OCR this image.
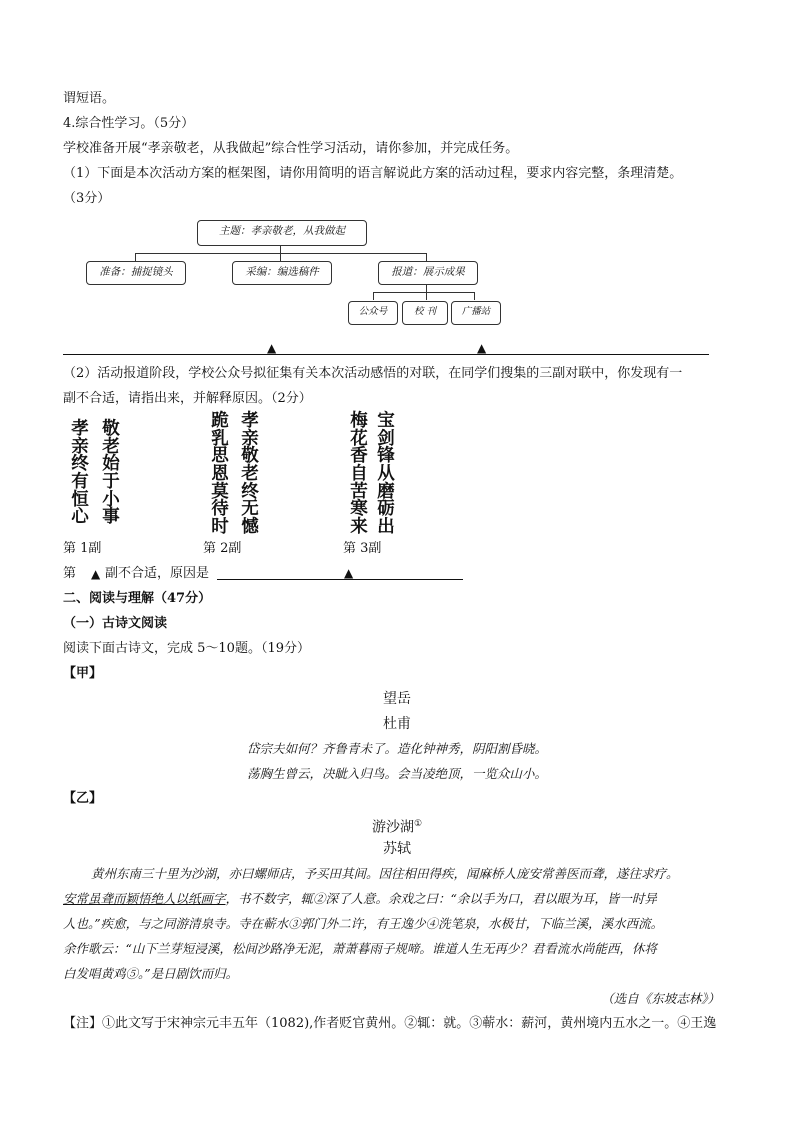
谓短语。
4.综合性学习。（5分）
学校准备开展“孝亲敬老，从我做起”综合性学习活动，请你参加，并完成任务。
（1）下面是本次活动方案的框架图，请你用简明的语言解说此方案的活动过程，要求内容完整，条理清楚。
（3分）
主题：孝亲敬老，从我做起
准备：捕捉镜头	采编：编选稿件	报道：展示成果
公众号	校 刊	广播站
▲	▲
（2）活动报道阶段，学校公众号拟征集有关本次活动感悟的对联，在同学们搜集的三副对联中，你发现有一
副不合适，请指出来，并解释原因。（2分）
孝
亲
终
有
恒
心
敬
老
始
于
小
事
第 1副
跪
乳
思
恩
莫
待
时
孝
亲
敬
老
终
无
憾
第 2副
梅
花
香
自
苦
寒
来
宝
剑
锋
从
磨
砺
出
第 3副
第 ▲ 副不合适，原因是	▲
二、阅读与理解（47分）
（一）古诗文阅读
阅读下面古诗文，完成 5～10题。（19分）
【甲】
望岳
杜甫
岱宗夫如何？齐鲁青未了。造化钟神秀，阴阳割昏晓。
荡胸生曾云，决眦入归鸟。会当凌绝顶，一览众山小。
【乙】
游沙湖①
苏轼
黄州东南三十里为沙湖，亦曰螺师店，予买田其间。因往相田得疾，闻麻桥人庞安常善医而聋，遂往求疗。
安常虽聋而颖悟绝人以纸画字，书不数字，辄②深了人意。余戏之曰：“余以手为口，君以眼为耳，皆一时异
人也。”疾愈，与之同游清泉寺。寺在蕲水③郭门外二许，有王逸少④洗笔泉，水极甘，下临兰溪，溪水西流。
余作歌云：“山下兰芽短浸溪，松间沙路净无泥，萧萧暮雨子规啼。谁道人生无再少？君看流水尚能西，休将
白发唱黄鸡⑤。”是日剧饮而归。
（选自《东坡志林》）
【注】①此文写于宋神宗元丰五年（1082),作者贬官黄州。②辄：就。③蕲水：薪河，黄州境内五水之一。④王逸
